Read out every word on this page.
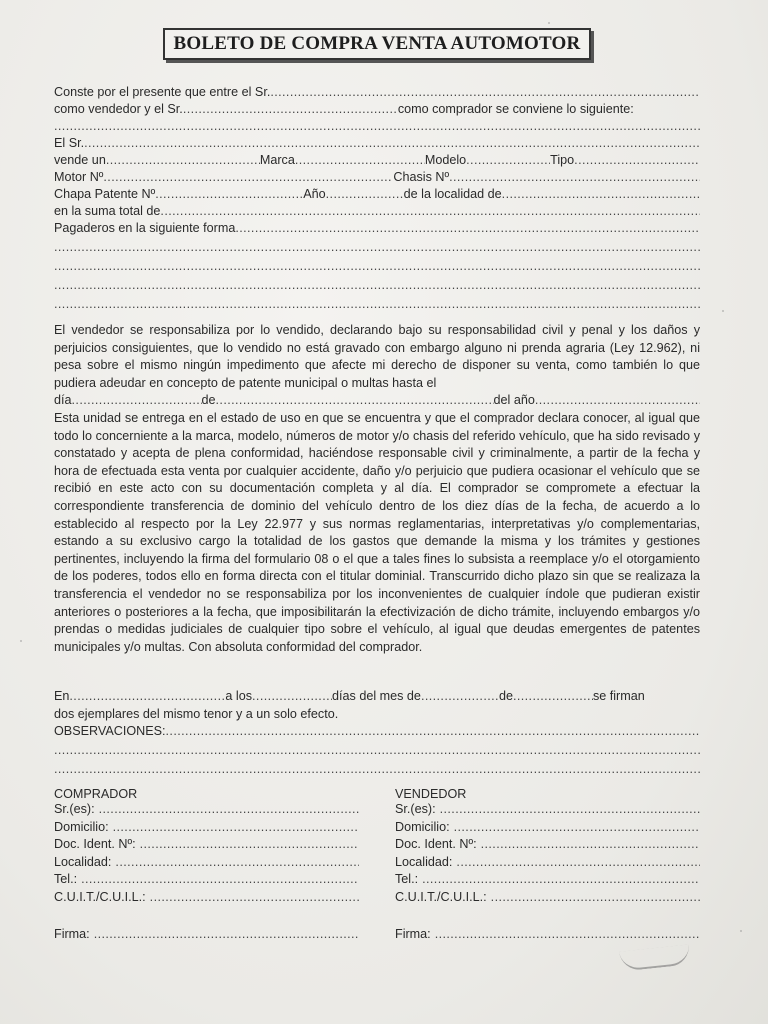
BOLETO DE COMPRA VENTA AUTOMOTOR
Conste por el presente que entre el Sr.
.....
como vendedor y el Sr. .....	como comprador se conviene lo siguiente:
.....
El Sr.
.....
vende un .....	Marca .....	Modelo .....	Tipo
.....
Motor Nº .....	Chasis Nº
.....
Chapa Patente Nº .....	Año .....	de la localidad de
.....
en la suma total de
.....
Pagaderos en la siguiente forma
.....
.....
.....
.....
.....

El vendedor se responsabiliza por lo vendido, declarando bajo su responsabilidad civil y penal y los daños y perjuicios consiguientes, que lo vendido no está gravado con embargo alguno ni prenda agraria (Ley 12.962), ni pesa sobre el mismo ningún impedimento que afecte mi derecho de disponer su venta, como también lo que pudiera adeudar en concepto de patente municipal o multas hasta el

día .....	de .....	del año
.....

Esta unidad se entrega en el estado de uso en que se encuentra y que el comprador declara conocer, al igual que todo lo concerniente a la marca, modelo, números de motor y/o chasis del referido vehículo, que ha sido revisado y constatado y acepta de plena conformidad, haciéndose responsable civil y criminalmente, a partir de la fecha y hora de efectuada esta venta por cualquier accidente, daño y/o perjuicio que pudiera ocasionar el vehículo que se recibió en este acto con su documentación completa y al día. El comprador se compromete a efectuar la correspondiente transferencia de dominio del vehículo dentro de los diez días de la fecha, de acuerdo a lo establecido al respecto por la Ley 22.977 y sus normas reglamentarias, interpretativas y/o complementarias, estando a su exclusivo cargo la totalidad de los gastos que demande la misma y los trámites y gestiones pertinentes, incluyendo la firma del formulario 08 o el que a tales fines lo subsista a reemplace y/o el otorgamiento de los poderes, todos ello en forma directa con el titular dominial. Transcurrido dicho plazo sin que se realizaza la transferencia el vendedor no se responsabiliza por los inconvenientes de cualquier índole que pudieran existir anteriores o posteriores a la fecha, que imposibilitarán la efectivización de dicho trámite, incluyendo embargos y/o prendas o medidas judiciales de cualquier tipo sobre el vehículo, al igual que deudas emergentes de patentes municipales y/o multas. Con absoluta conformidad del comprador.

En .....	a los .....	días del mes de .....	de .....	se firman
dos ejemplares del mismo tenor y a un solo efecto.
OBSERVACIONES:
.....
.....
.....
COMPRADOR
Sr.(es):
.....
Domicilio:
.....
Doc. Ident. Nº:
.....
Localidad:
.....
Tel.:
.....
C.U.I.T./C.U.I.L.:
.....
Firma:
.....
VENDEDOR
Sr.(es):
.....
Domicilio:
.....
Doc. Ident. Nº:
.....
Localidad:
.....
Tel.:
.....
C.U.I.T./C.U.I.L.:
.....
Firma:
.....
